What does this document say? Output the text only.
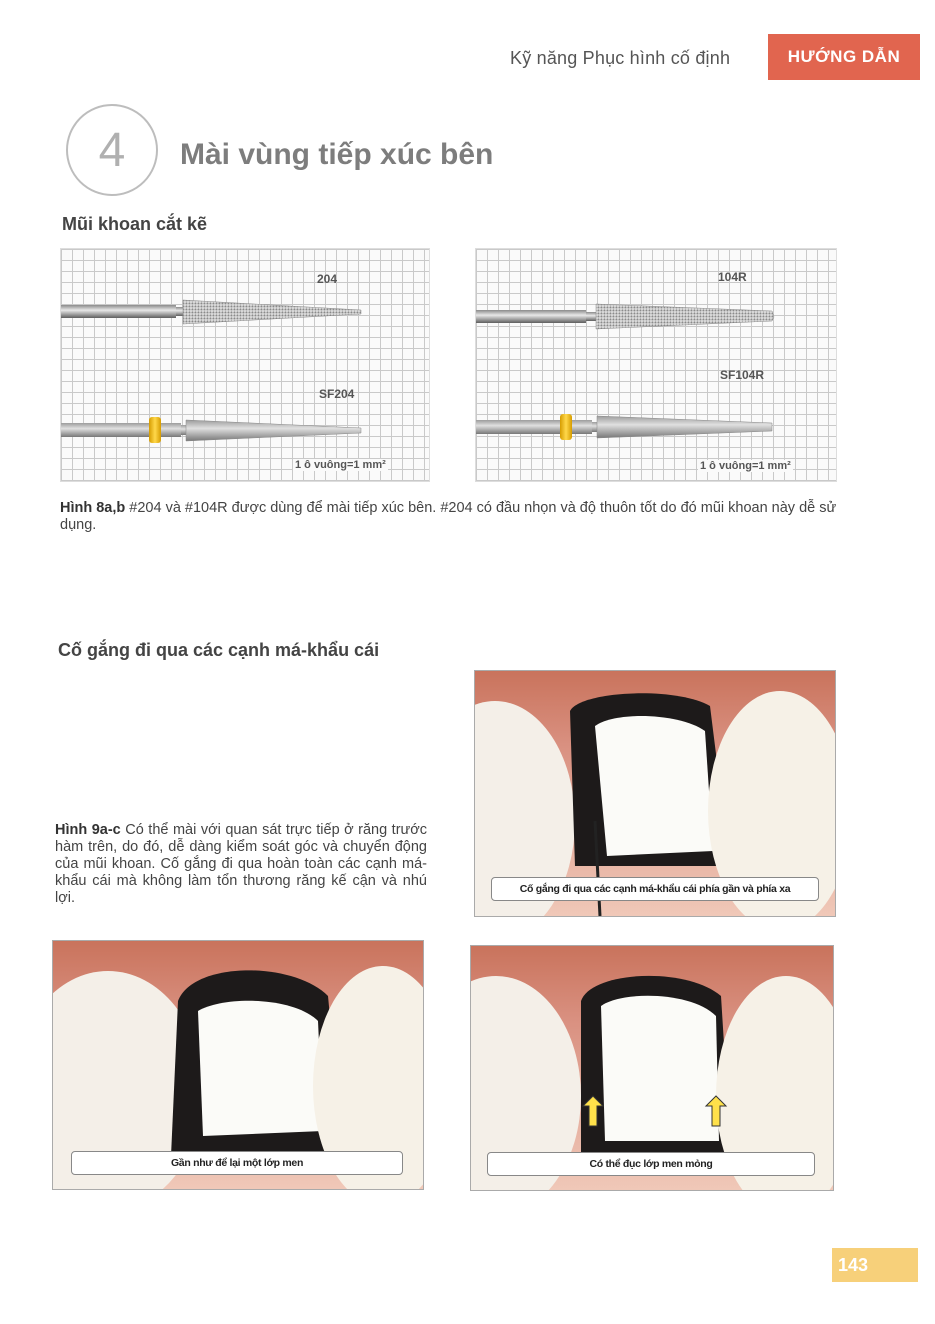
Kỹ năng Phục hình cố định	HƯỚNG DẪN
4	Mài vùng tiếp xúc bên
Mũi khoan cắt kẽ
204
SF204
1 ô vuông=1 mm²
104R
SF104R
1 ô vuông=1 mm²
Hình 8a,b #204 và #104R được dùng để mài tiếp xúc bên. #204 có đầu nhọn và độ thuôn tốt do đó mũi khoan này dễ sử dụng.
Cố gắng đi qua các cạnh má-khẩu cái
Hình 9a-c Có thể mài với quan sát trực tiếp ở răng trước hàm trên, do đó, dễ dàng kiểm soát góc và chuyển động của mũi khoan. Cố gắng đi qua hoàn toàn các cạnh má-khẩu cái mà không làm tổn thương răng kế cận và nhú lợi.
Cố gắng đi qua các cạnh má-khẩu cái phía gần và phía xa
Gần như để lại một lớp men	Có thể đục lớp men mỏng
143
